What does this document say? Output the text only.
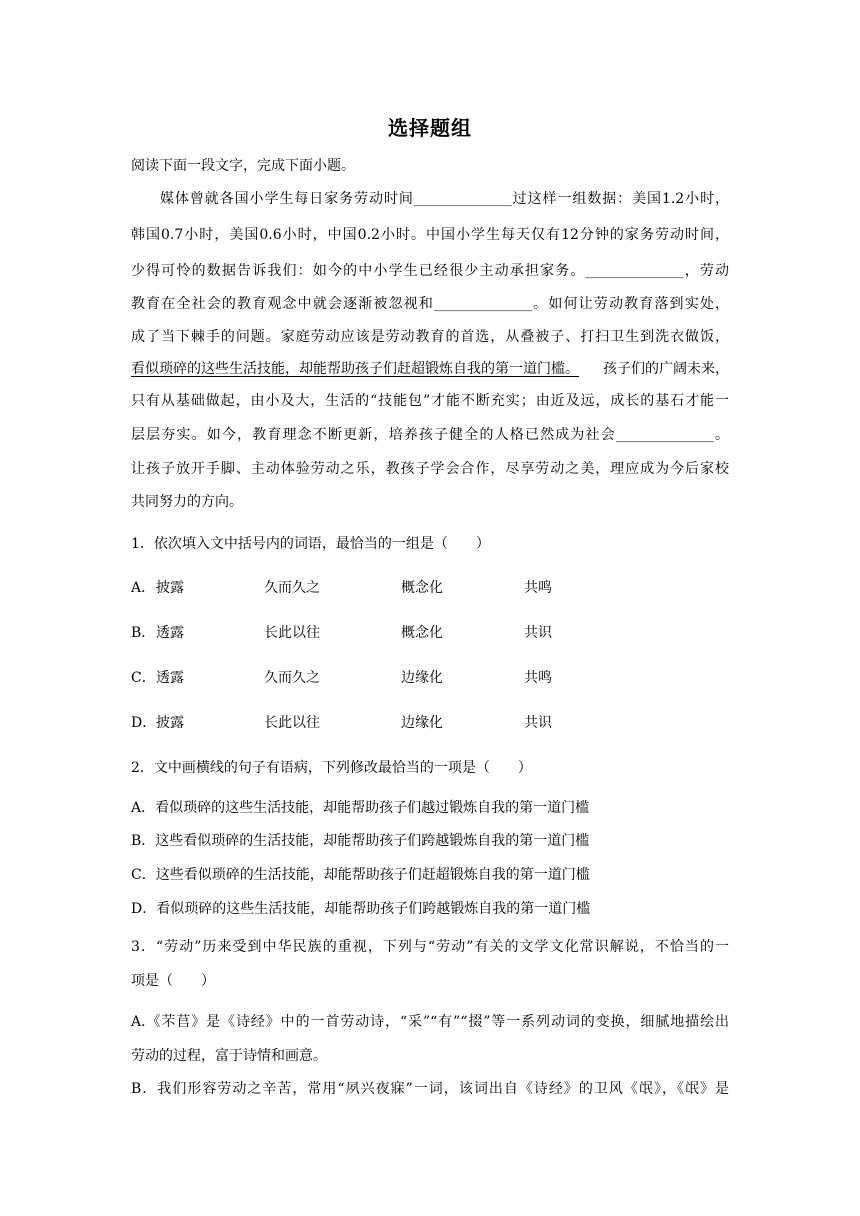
选择题组
阅读下面一段文字，完成下面小题。
媒体曾就各国小学生每日家务劳动时间______________过这样一组数据：美国1.2小时，
韩国0.7小时，美国0.6小时，中国0.2小时。中国小学生每天仅有12分钟的家务劳动时间，
少得可怜的数据告诉我们：如今的中小学生已经很少主动承担家务。______________，劳动
教育在全社会的教育观念中就会逐渐被忽视和______________。如何让劳动教育落到实处，
成了当下棘手的问题。家庭劳动应该是劳动教育的首选，从叠被子、打扫卫生到洗衣做饭，
看似琐碎的这些生活技能，却能帮助孩子们赶超锻炼自我的第一道门槛。 孩子们的广阔未来，
只有从基础做起，由小及大，生活的“技能包”才能不断充实；由近及远，成长的基石才能一
层层夯实。如今，教育理念不断更新，培养孩子健全的人格已然成为社会______________。
让孩子放开手脚、主动体验劳动之乐，教孩子学会合作，尽享劳动之美，理应成为今后家校
共同努力的方向。
1．依次填入文中括号内的词语，最恰当的一组是（　　）
A． 披露	久而久之	概念化	共鸣
B． 透露	长此以往	概念化	共识
C． 透露	久而久之	边缘化	共鸣
D． 披露	长此以往	边缘化	共识
2．文中画横线的句子有语病，下列修改最恰当的一项是（　　）
A．看似琐碎的这些生活技能，却能帮助孩子们越过锻炼自我的第一道门槛
B．这些看似琐碎的生活技能，却能帮助孩子们跨越锻炼自我的第一道门槛
C．这些看似琐碎的生活技能，却能帮助孩子们赶超锻炼自我的第一道门槛
D．看似琐碎的这些生活技能，却能帮助孩子们跨越锻炼自我的第一道门槛
3．“劳动”历来受到中华民族的重视，下列与“劳动”有关的文学文化常识解说，不恰当的一
项是（　　）
A.《芣苢》是《诗经》中的一首劳动诗，“采”“有”“掇”等一系列动词的变换，细腻地描绘出
劳动的过程，富于诗情和画意。
B．我们形容劳动之辛苦，常用“夙兴夜寐”一词，该词出自《诗经》的卫风《氓》，《氓》是
